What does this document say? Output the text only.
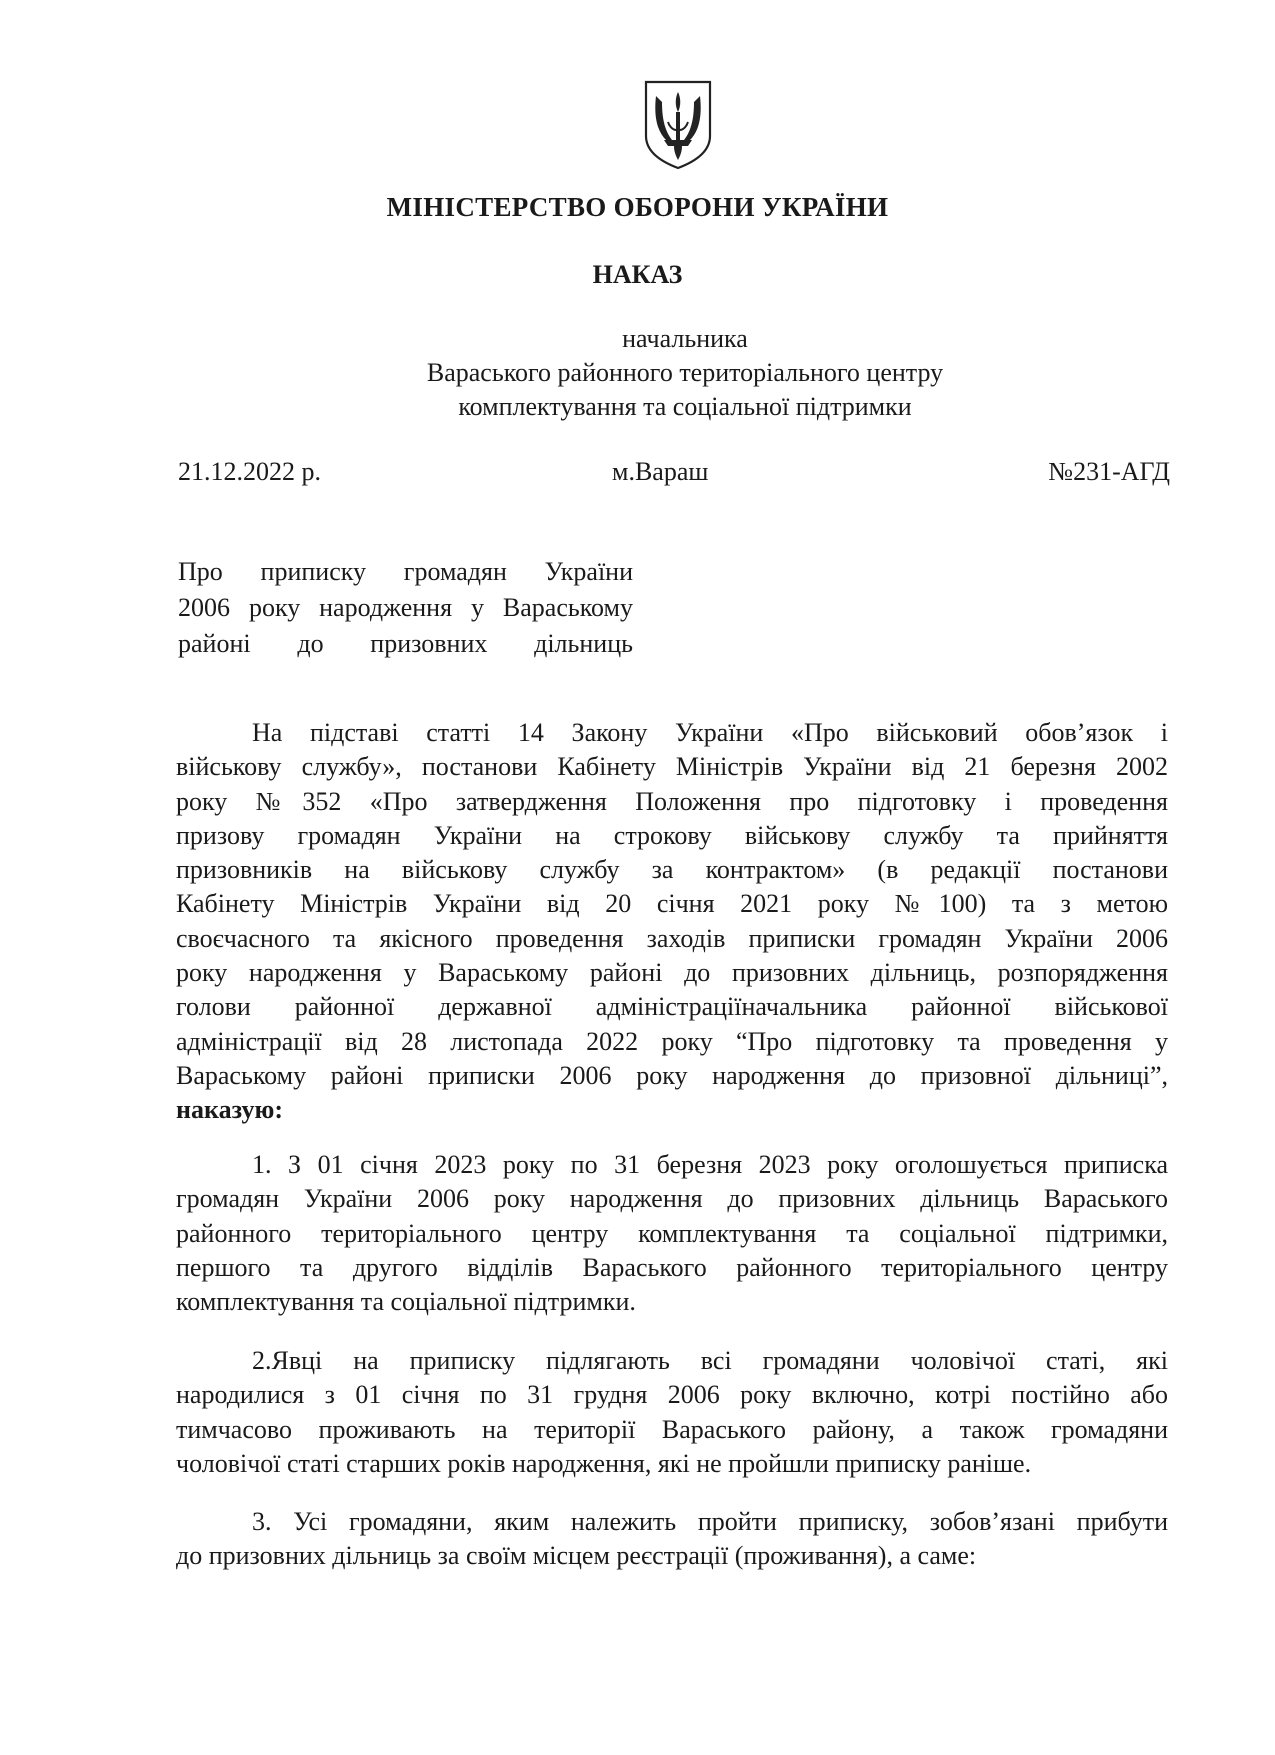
МІНІСТЕРСТВО ОБОРОНИ УКРАЇНИ

НАКАЗ

начальника
Вараського районного територіального центру
комплектування та соціальної підтримки

21.12.2022 р.	м.Вараш	№231-АГД

Про приписку громадян України
2006 року народження у Вараському
районі до призовних дільниць

На підставі статті 14 Закону України «Про військовий обов’язок і
військову службу», постанови Кабінету Міністрів України від 21 березня 2002
року №352 «Про затвердження Положення про підготовку і проведення
призову громадян України на строкову військову службу та прийняття
призовників на військову службу за контрактом» (в редакції постанови
Кабінету Міністрів України від 20 січня 2021 року №100) та з метою
своєчасного та якісного проведення заходів приписки громадян України 2006
року народження у Вараському районі до призовних дільниць, розпорядження
голови районної державної адміністраціїначальника районної військової
адміністрації від 28 листопада 2022 року “Про підготовку та проведення у
Вараському районі приписки 2006 року народження до призовної дільниці”,
наказую:
1. З 01 січня 2023 року по 31 березня 2023 року оголошується приписка
громадян України 2006 року народження до призовних дільниць Вараського
районного територіального центру комплектування та соціальної підтримки,
першого та другого відділів Вараського районного територіального центру
комплектування та соціальної підтримки.
2.Явці на приписку підлягають всі громадяни чоловічої статі, які
народилися з 01 січня по 31 грудня 2006 року включно, котрі постійно або
тимчасово проживають на території Вараського району, а також громадяни
чоловічої статі старших років народження, які не пройшли приписку раніше.
3. Усі громадяни, яким належить пройти приписку, зобов’язані прибути
до призовних дільниць за своїм місцем реєстрації (проживання), а саме:
